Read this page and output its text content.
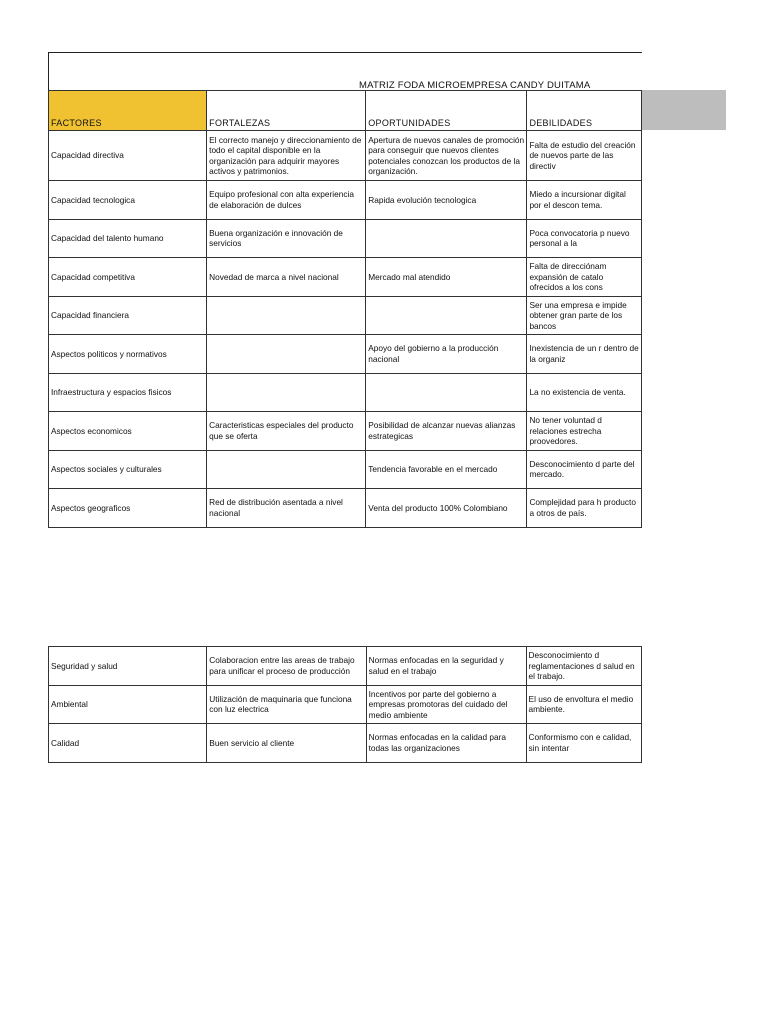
MATRIZ FODA MICROEMPRESA CANDY DUITAMA
FACTORES	FORTALEZAS	OPORTUNIDADES	DEBILIDADES
Capacidad directiva	El correcto manejo y direccionamiento de todo el capital disponible en la organización para adquirir mayores activos y patrimonios.	Apertura de nuevos canales de promoción para conseguir que nuevos clientes potenciales conozcan los productos de la organización.	Falta de estudio del creación de nuevos parte de las directiv
Capacidad tecnologica	Equipo profesional con alta experiencia de elaboración de dulces	Rapida evolución tecnologica	Miedo a incursionar digital por el descon tema.
Capacidad del talento humano	Buena organización e innovación de servicios		Poca convocatoria p nuevo personal a la
Capacidad competitiva	Novedad de marca a nivel nacional	Mercado mal atendido	Falta de direcciónam expansión de catalo ofrecidos a los cons
Capacidad financiera			Ser una empresa e impide obtener gran parte de los bancos
Aspectos politicos y normativos		Apoyo del gobierno a la producción nacional	Inexistencia de un r dentro de la organiz
Infraestructura y espacios fisicos			La no existencia de venta.
Aspectos economicos	Caracteristicas especiales del producto que se oferta	Posibilidad de alcanzar nuevas alianzas estrategicas	No tener voluntad d relaciones estrecha proovedores.
Aspectos sociales y culturales		Tendencia favorable en el mercado	Desconocimiento d parte del mercado.
Aspectos geograficos	Red de distribución asentada a nivel nacional	Venta del producto 100% Colombiano	Complejidad para h producto a otros de país.
Seguridad y salud	Colaboracion entre las areas de trabajo para unificar el proceso de producción	Normas enfocadas en la seguridad y salud en el trabajo	Desconocimiento d reglamentaciones d salud en el trabajo.
Ambiental	Utilización de maquinaria que funciona con luz electrica	Incentivos por parte del gobierno a empresas promotoras del cuidado del medio ambiente	El uso de envoltura el medio ambiente.
Calidad	Buen servicio al cliente	Normas enfocadas en la calidad para todas las organizaciones	Conformismo con e calidad, sin intentar
